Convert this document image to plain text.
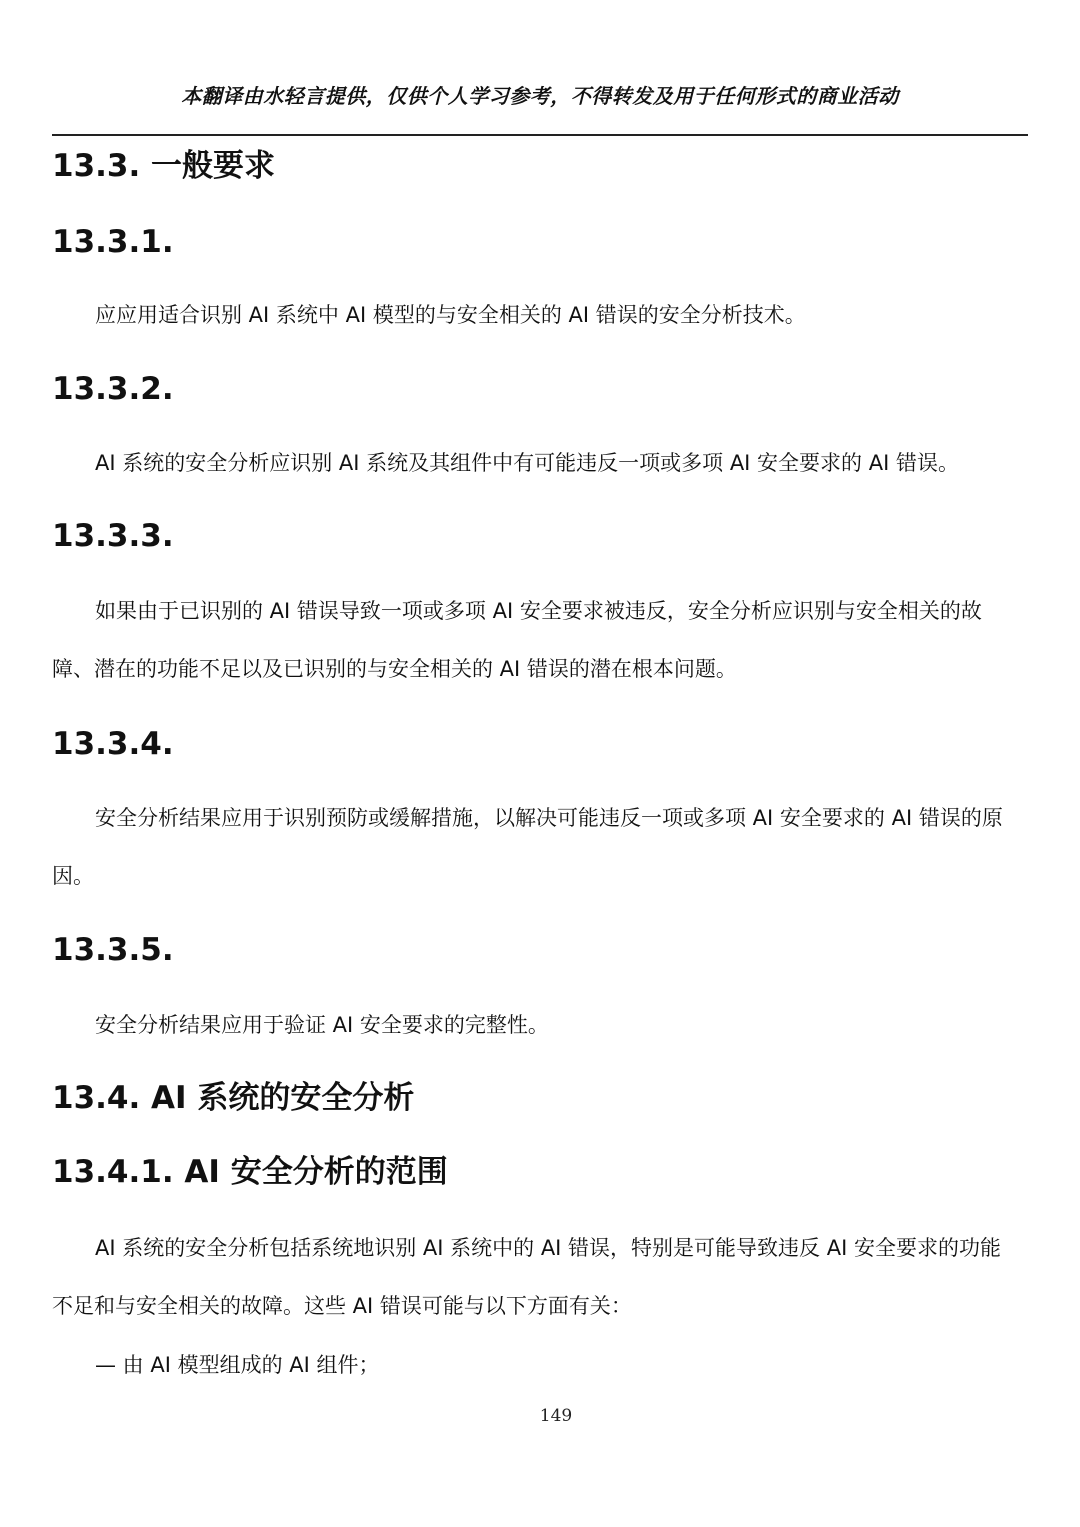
本翻译由水轻言提供，仅供个人学习参考，不得转发及用于任何形式的商业活动
13.3. 一般要求
13.3.1.
应应用适合识别 AI 系统中 AI 模型的与安全相关的 AI 错误的安全分析技术。
13.3.2.
AI 系统的安全分析应识别 AI 系统及其组件中有可能违反一项或多项 AI 安全要求的 AI 错误。
13.3.3.
如果由于已识别的 AI 错误导致一项或多项 AI 安全要求被违反，安全分析应识别与安全相关的故障、潜在的功能不足以及已识别的与安全相关的 AI 错误的潜在根本问题。
13.3.4.
安全分析结果应用于识别预防或缓解措施，以解决可能违反一项或多项 AI 安全要求的 AI 错误的原因。
13.3.5.
安全分析结果应用于验证 AI 安全要求的完整性。
13.4. AI 系统的安全分析
13.4.1. AI 安全分析的范围
AI 系统的安全分析包括系统地识别 AI 系统中的 AI 错误，特别是可能导致违反 AI 安全要求的功能不足和与安全相关的故障。这些 AI 错误可能与以下方面有关：
— 由 AI 模型组成的 AI 组件；
149
